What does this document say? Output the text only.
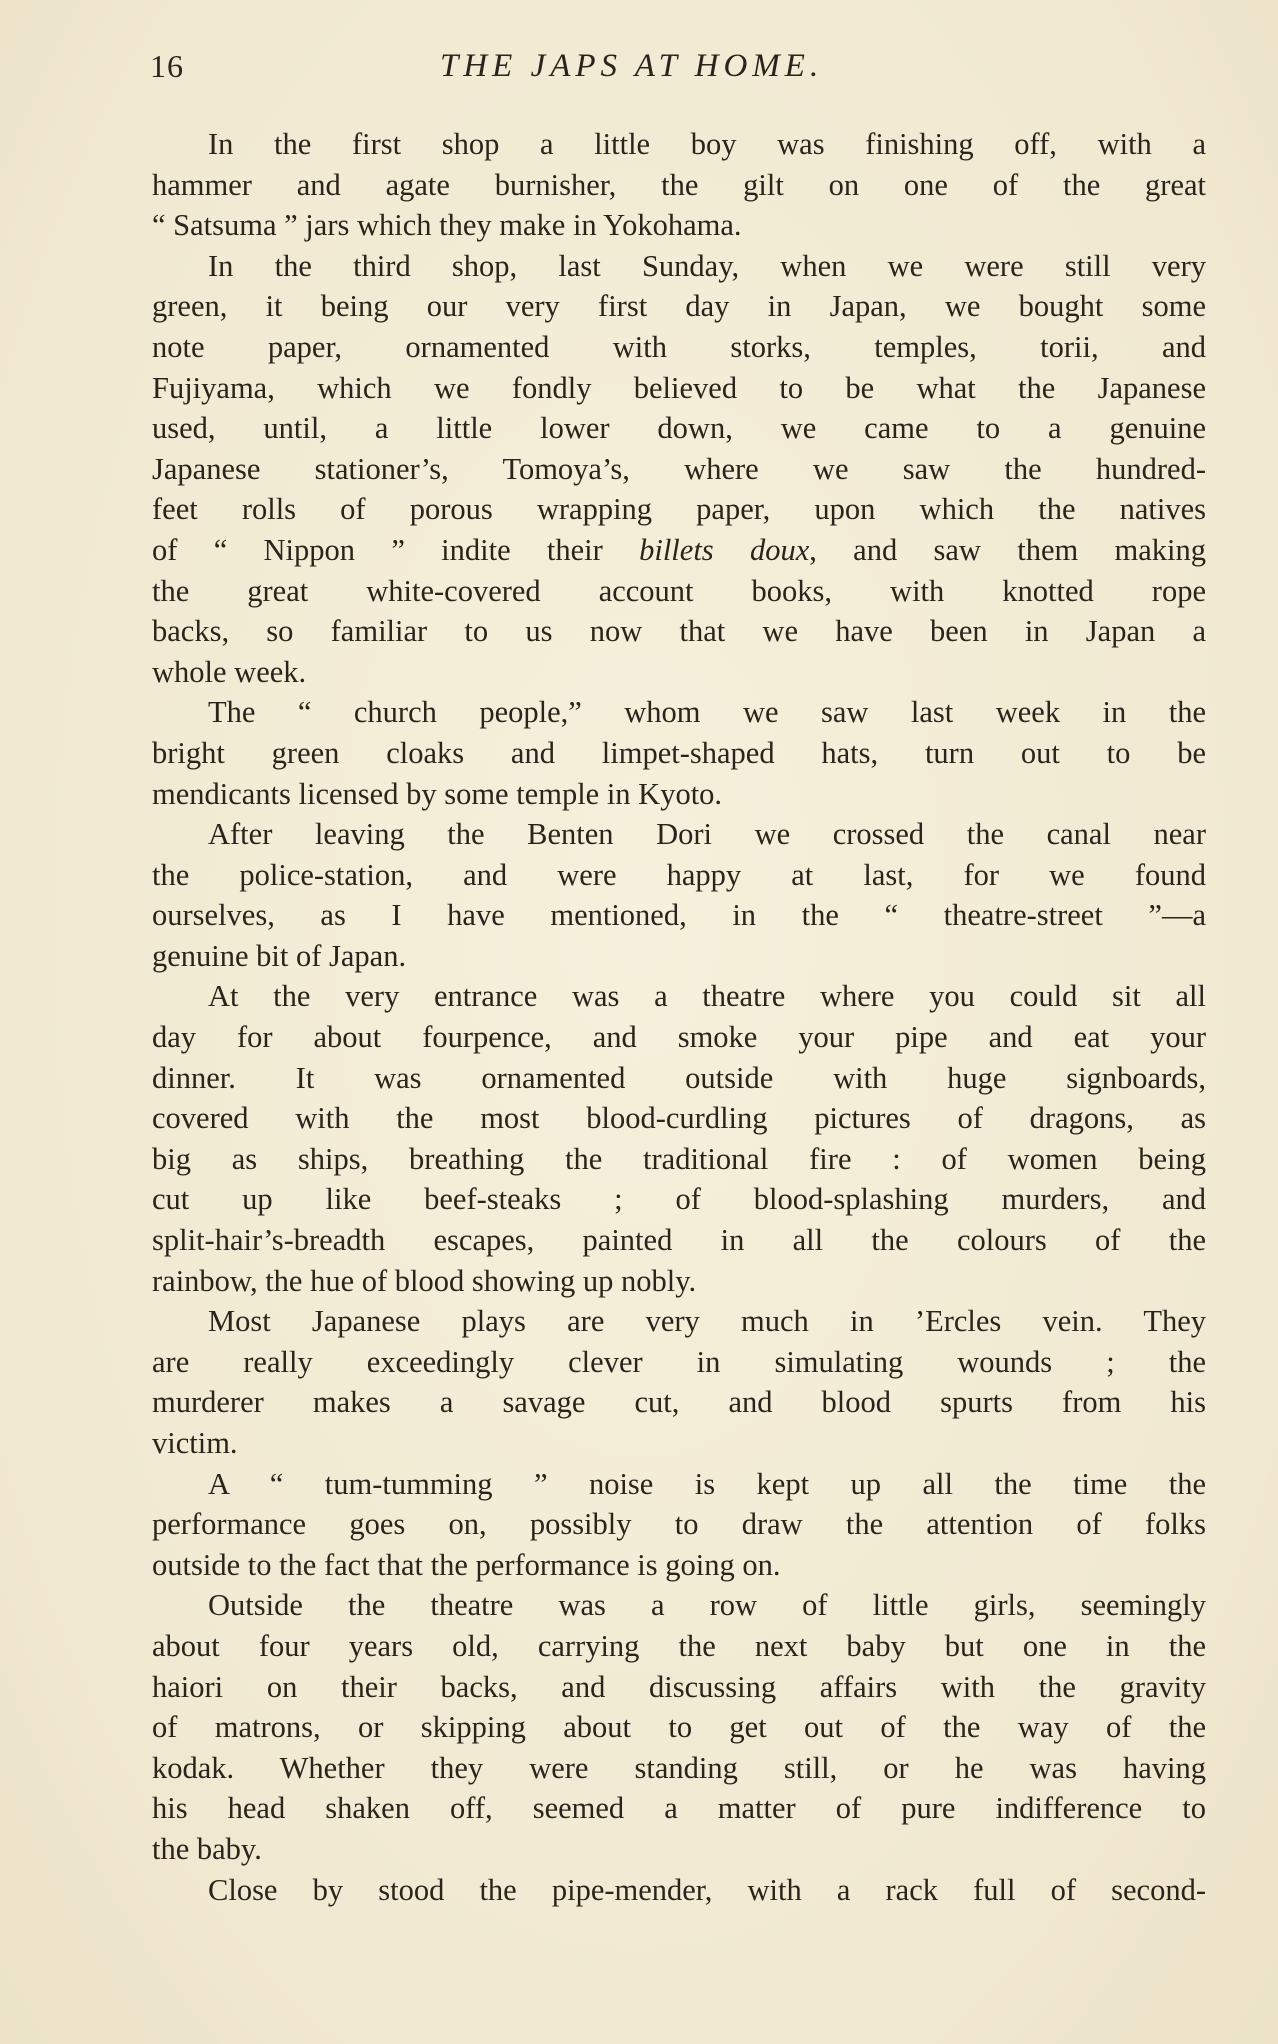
16	THE JAPS AT HOME.
In the first shop a little boy was finishing off, with a
hammer and agate burnisher, the gilt on one of the great
“ Satsuma ” jars which they make in Yokohama.
In the third shop, last Sunday, when we were still very
green, it being our very first day in Japan, we bought some
note paper, ornamented with storks, temples, torii, and
Fujiyama, which we fondly believed to be what the Japanese
used, until, a little lower down, we came to a genuine
Japanese stationer’s, Tomoya’s, where we saw the hundred-
feet rolls of porous wrapping paper, upon which the natives
of “ Nippon ” indite their billets doux, and saw them making
the great white-covered account books, with knotted rope
backs, so familiar to us now that we have been in Japan a
whole week.
The “ church people,” whom we saw last week in the
bright green cloaks and limpet-shaped hats, turn out to be
mendicants licensed by some temple in Kyoto.
After leaving the Benten Dori we crossed the canal near
the police-station, and were happy at last, for we found
ourselves, as I have mentioned, in the “ theatre-street ”—a
genuine bit of Japan.
At the very entrance was a theatre where you could sit all
day for about fourpence, and smoke your pipe and eat your
dinner. It was ornamented outside with huge signboards,
covered with the most blood-curdling pictures of dragons, as
big as ships, breathing the traditional fire : of women being
cut up like beef-steaks ; of blood-splashing murders, and
split-hair’s-breadth escapes, painted in all the colours of the
rainbow, the hue of blood showing up nobly.
Most Japanese plays are very much in ’Ercles vein. They
are really exceedingly clever in simulating wounds ; the
murderer makes a savage cut, and blood spurts from his
victim.
A “ tum-tumming ” noise is kept up all the time the
performance goes on, possibly to draw the attention of folks
outside to the fact that the performance is going on.
Outside the theatre was a row of little girls, seemingly
about four years old, carrying the next baby but one in the
haiori on their backs, and discussing affairs with the gravity
of matrons, or skipping about to get out of the way of the
kodak. Whether they were standing still, or he was having
his head shaken off, seemed a matter of pure indifference to
the baby.
Close by stood the pipe-mender, with a rack full of second-
